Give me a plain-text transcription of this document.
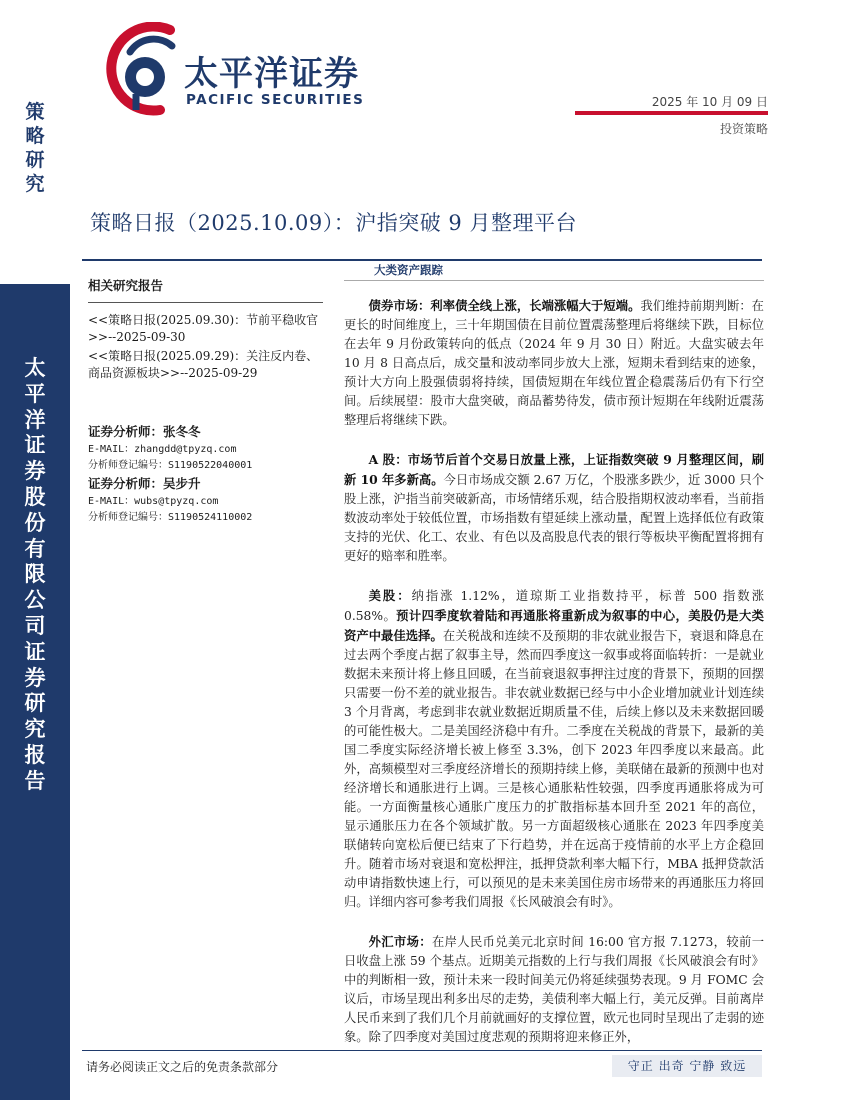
策略研究
太平洋证券股份有限公司证券研究报告
太平洋证券
PACIFIC SECURITIES	2025 年 10 月 09 日
投资策略
策略日报（2025.10.09）：沪指突破 9 月整理平台
相关研究报告
<<策略日报(2025.09.30)：节前平稳收官>>--2025-09-30
<<策略日报(2025.09.29)：关注反内卷、商品资源板块>>--2025-09-29
证券分析师：张冬冬
E-MAIL：zhangdd@tpyzq.com
分析师登记编号：S1190522040001
证券分析师：吴步升
E-MAIL：wubs@tpyzq.com
分析师登记编号：S1190524110002
大类资产跟踪

债券市场：利率债全线上涨，长端涨幅大于短端。我们维持前期判断：在更长的时间维度上，三十年期国债在目前位置震荡整理后将继续下跌，目标位在去年 9 月份政策转向的低点（2024 年 9 月 30 日）附近。大盘实破去年 10 月 8 日高点后，成交量和波动率同步放大上涨，短期未看到结束的迹象，预计大方向上股强债弱将持续，国债短期在年线位置企稳震荡后仍有下行空间。后续展望：股市大盘突破，商品蓄势待发，债市预计短期在年线附近震荡整理后将继续下跌。

A 股：市场节后首个交易日放量上涨，上证指数突破 9 月整理区间，刷新 10 年多新高。今日市场成交额 2.67 万亿，个股涨多跌少，近 3000 只个股上涨，沪指当前突破新高，市场情绪乐观，结合股指期权波动率看，当前指数波动率处于较低位置，市场指数有望延续上涨动量，配置上选择低位有政策支持的光伏、化工、农业、有色以及高股息代表的银行等板块平衡配置将拥有更好的赔率和胜率。

美股：纳指涨 1.12%，道琼斯工业指数持平，标普 500 指数涨 0.58%。预计四季度软着陆和再通胀将重新成为叙事的中心，美股仍是大类资产中最佳选择。在关税战和连续不及预期的非农就业报告下，衰退和降息在过去两个季度占据了叙事主导，然而四季度这一叙事或将面临转折：一是就业数据未来预计将上修且回暖，在当前衰退叙事押注过度的背景下，预期的回摆只需要一份不差的就业报告。非农就业数据已经与中小企业增加就业计划连续 3 个月背离，考虑到非农就业数据近期质量不佳，后续上修以及未来数据回暖的可能性极大。二是美国经济稳中有升。二季度在关税战的背景下，最新的美国二季度实际经济增长被上修至 3.3%，创下 2023 年四季度以来最高。此外，高频模型对三季度经济增长的预期持续上修，美联储在最新的预测中也对经济增长和通胀进行上调。三是核心通胀粘性较强，四季度再通胀将成为可能。一方面衡量核心通胀广度压力的扩散指标基本回升至 2021 年的高位，显示通胀压力在各个领域扩散。另一方面超级核心通胀在 2023 年四季度美联储转向宽松后便已结束了下行趋势，并在远高于疫情前的水平上方企稳回升。随着市场对衰退和宽松押注，抵押贷款利率大幅下行，MBA 抵押贷款活动申请指数快速上行，可以预见的是未来美国住房市场带来的再通胀压力将回归。详细内容可参考我们周报《长风破浪会有时》。

外汇市场：在岸人民币兑美元北京时间 16:00 官方报 7.1273，较前一日收盘上涨 59 个基点。近期美元指数的上行与我们周报《长风破浪会有时》中的判断相一致，预计未来一段时间美元仍将延续强势表现。9 月 FOMC 会议后，市场呈现出利多出尽的走势，美债利率大幅上行，美元反弹。目前离岸人民币来到了我们几个月前就画好的支撑位置，欧元也同时呈现出了走弱的迹象。除了四季度对美国过度悲观的预期将迎来修正外，

请务必阅读正文之后的免责条款部分	守正 出奇 宁静 致远
